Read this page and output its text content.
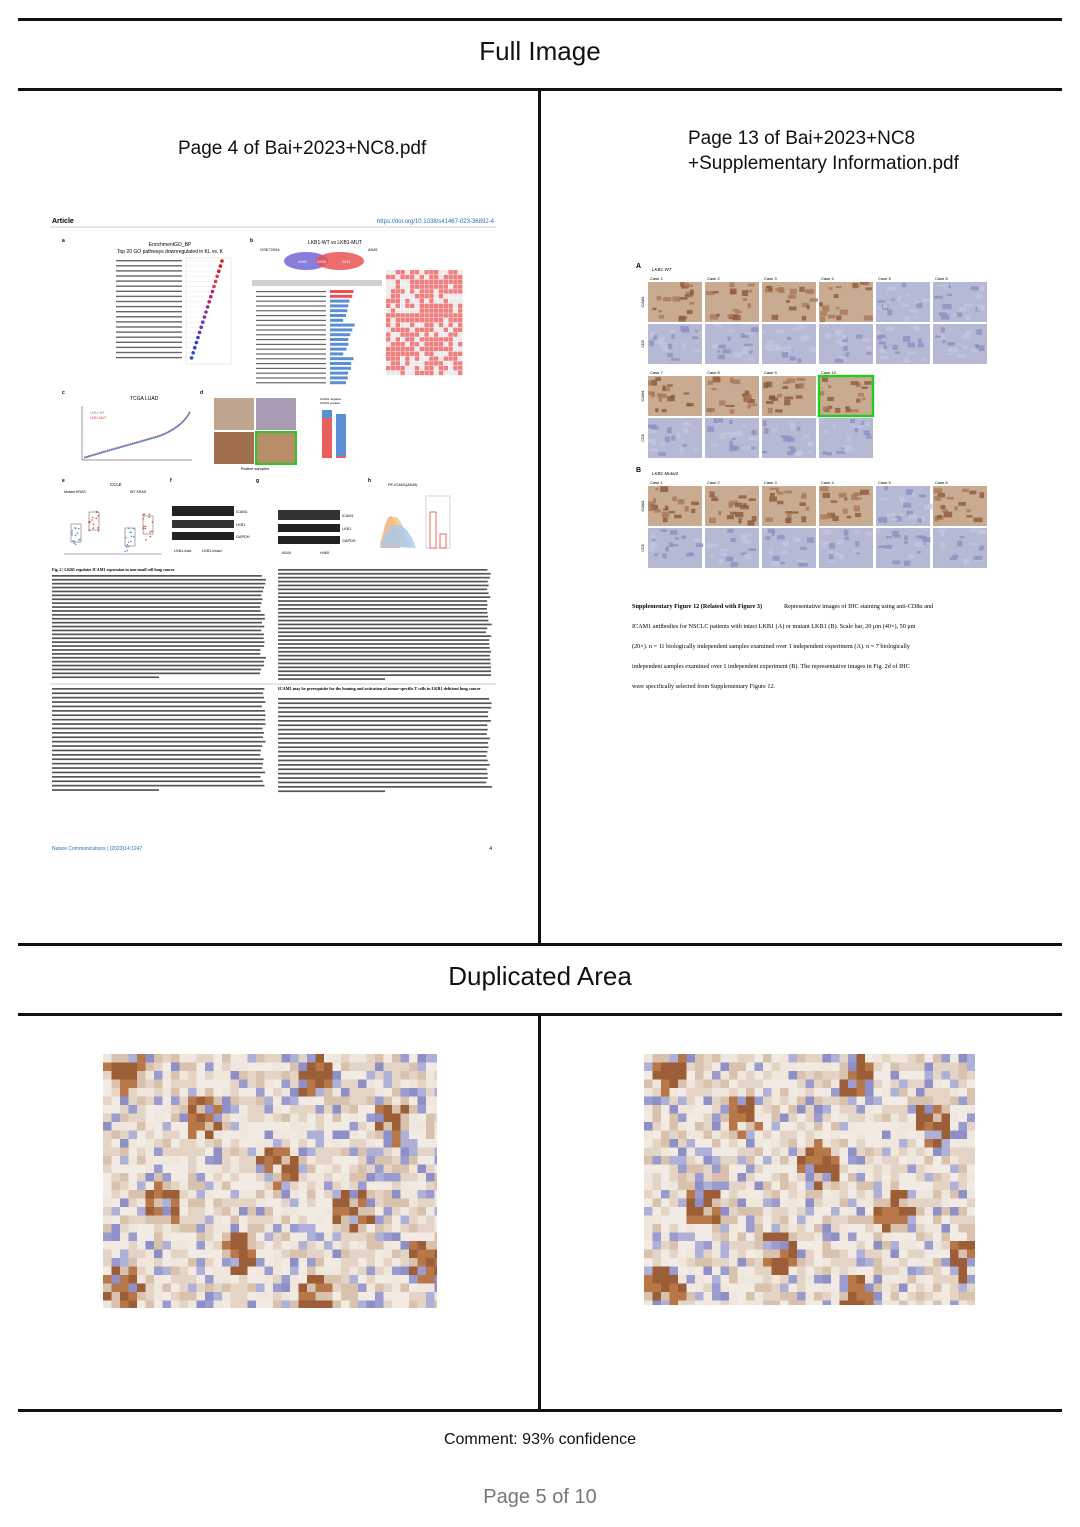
Full Image
Page 4 of Bai+2023+NC8.pdf	Page 13 of Bai+2023+NC8
+Supplementary Information.pdf
Article	https://doi.org/10.1038/s41467-023-36892-4
a
EnrichmentGO_BP
Top 20 GO pathways downregulated in KL vs. K
b	LKB1-WT vs LKB1-MUT
GSE72094	A549
4180	1225	2511
c
TCGA LUAD
LKB1 WT
LKB1 MUT
d
Patient samples
ICAM1 negative
ICAM1 positive
e
CCLE
Mutant KRAS	WT KRAS
f
LKB1-loss	LKB1-intact
ICAM1
LKB1
GAPDH
g
A549	H460
ICAM1
LKB1
GAPDH
h
PE-ICAM1(A549)
Fig. 2 | LKB1 regulates ICAM1 expression in non-small cell lung cancer.
ICAM1 may be prerequisite for the homing and activation of tumor-specific T cells in LKB1 deficient lung cancer
Nature Communications | (2023)14:1247	4
A LKB1-WT
Case 1	Case 2	Case 3	Case 4	Case 5	Case 6
Case 7	Case 8	Case 9	Case 10
ICAM1
CD8
ICAM1
CD8
B LKB1-Mutant
Case 1	Case 2	Case 3	Case 4	Case 5	Case 6
ICAM1
CD8
Supplementary Figure 12 (Related with Figure 3)	Representative images of IHC staining using anti-CD8α and
ICAM1 antibodies for NSCLC patients with intact LKB1 (A) or mutant LKB1 (B). Scale bar, 20 μm (40×), 50 μm
(20×). n = 11 biologically independent samples examined over 1 independent experiment (A). n = 7 biologically
independent samples examined over 1 independent experiment (B). The representative images in Fig. 2d of IHC
were specifically selected from Supplementary Figure 12.
Duplicated Area
Comment: 93% confidence
Page 5 of 10
